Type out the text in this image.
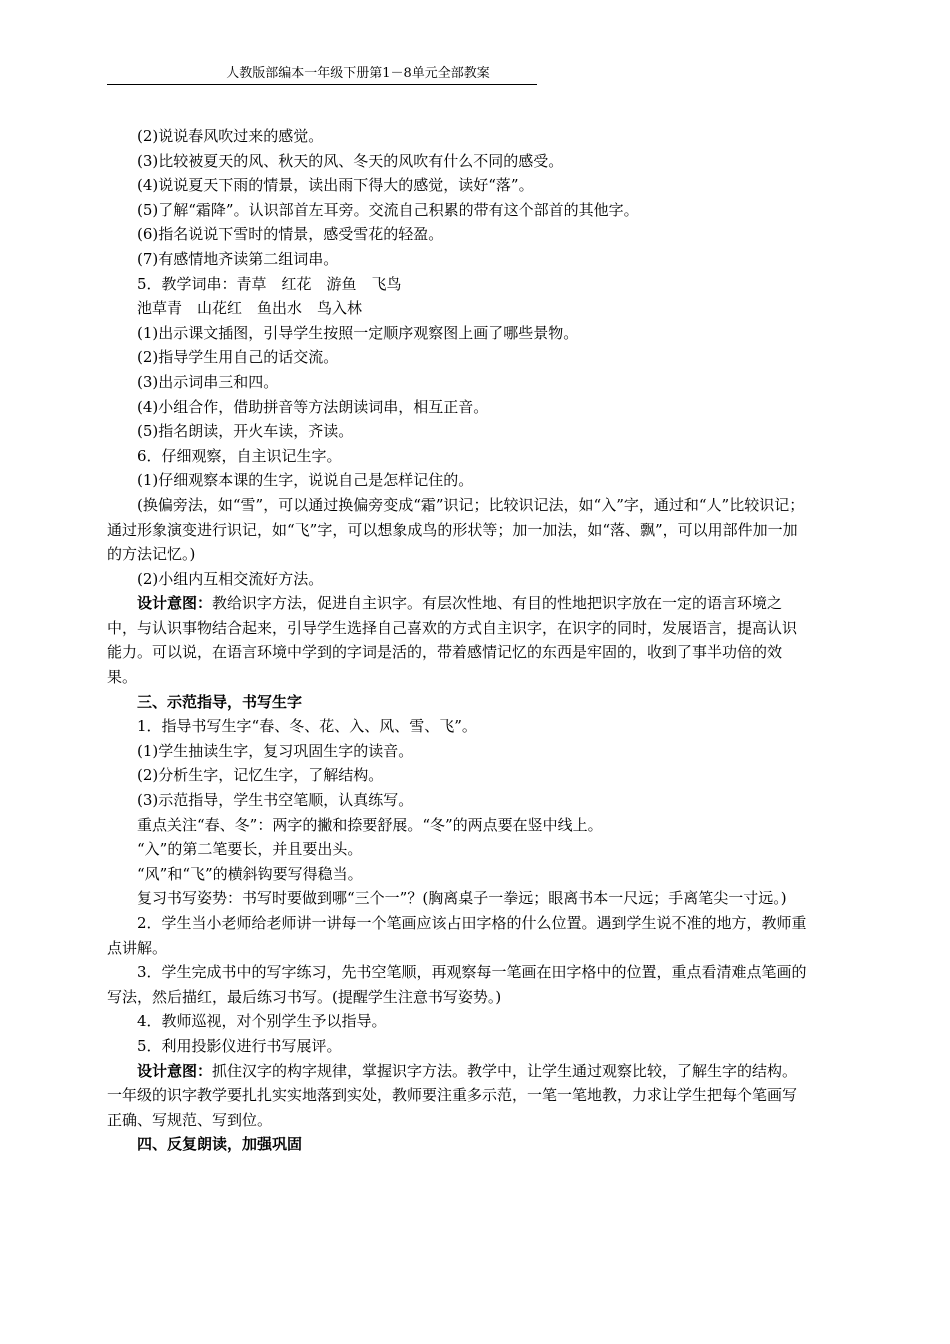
人教版部编本一年级下册第1－8单元全部教案

(2)说说春风吹过来的感觉。

(3)比较被夏天的风、秋天的风、冬天的风吹有什么不同的感受。

(4)说说夏天下雨的情景，读出雨下得大的感觉，读好“落”。

(5)了解“霜降”。认识部首左耳旁。交流自己积累的带有这个部首的其他字。

(6)指名说说下雪时的情景，感受雪花的轻盈。

(7)有感情地齐读第二组词串。

5．教学词串：青草　红花　游鱼　飞鸟

池草青　山花红　鱼出水　鸟入林

(1)出示课文插图，引导学生按照一定顺序观察图上画了哪些景物。

(2)指导学生用自己的话交流。

(3)出示词串三和四。

(4)小组合作，借助拼音等方法朗读词串，相互正音。

(5)指名朗读，开火车读，齐读。

6．仔细观察，自主识记生字。

(1)仔细观察本课的生字，说说自己是怎样记住的。

(换偏旁法，如“雪”，可以通过换偏旁变成“霜”识记；比较识记法，如“入”字，通过和“人”比较识记；通过形象演变进行识记，如“飞”字，可以想象成鸟的形状等；加一加法，如“落、飘”，可以用部件加一加的方法记忆。)

(2)小组内互相交流好方法。

设计意图：教给识字方法，促进自主识字。有层次性地、有目的性地把识字放在一定的语言环境之中，与认识事物结合起来，引导学生选择自己喜欢的方式自主识字，在识字的同时，发展语言，提高认识能力。可以说，在语言环境中学到的字词是活的，带着感情记忆的东西是牢固的，收到了事半功倍的效果。

三、示范指导，书写生字

1．指导书写生字“春、冬、花、入、风、雪、飞”。

(1)学生抽读生字，复习巩固生字的读音。

(2)分析生字，记忆生字，了解结构。

(3)示范指导，学生书空笔顺，认真练写。

重点关注“春、冬”：两字的撇和捺要舒展。“冬”的两点要在竖中线上。

“入”的第二笔要长，并且要出头。

“风”和“飞”的横斜钩要写得稳当。

复习书写姿势：书写时要做到哪“三个一”？(胸离桌子一拳远；眼离书本一尺远；手离笔尖一寸远。)

2．学生当小老师给老师讲一讲每一个笔画应该占田字格的什么位置。遇到学生说不准的地方，教师重点讲解。

3．学生完成书中的写字练习，先书空笔顺，再观察每一笔画在田字格中的位置，重点看清难点笔画的写法，然后描红，最后练习书写。(提醒学生注意书写姿势。)

4．教师巡视，对个别学生予以指导。

5．利用投影仪进行书写展评。

设计意图：抓住汉字的构字规律，掌握识字方法。教学中，让学生通过观察比较，了解生字的结构。一年级的识字教学要扎扎实实地落到实处，教师要注重多示范，一笔一笔地教，力求让学生把每个笔画写正确、写规范、写到位。

四、反复朗读，加强巩固
